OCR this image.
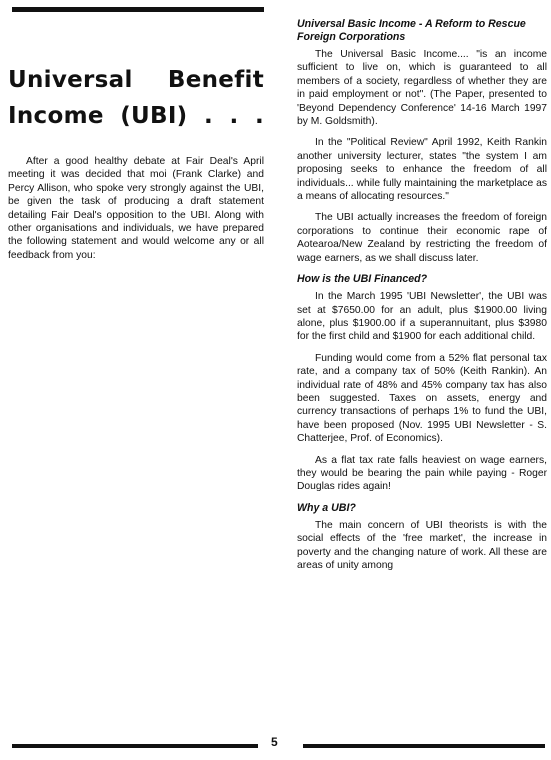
Universal Benefit
Income (UBI) . . .

After a good healthy debate at Fair Deal's April meeting it was decided that moi (Frank Clarke) and Percy Allison, who spoke very strongly against the UBI, be given the task of producing a draft statement detailing Fair Deal's opposition to the UBI. Along with other organisations and individuals, we have prepared the following statement and would welcome any or all feedback from you:

Universal Basic Income - A Reform to Rescue Foreign Corporations

The Universal Basic Income.... "is an income sufficient to live on, which is guaranteed to all members of a society, regardless of whether they are in paid employment or not". (The Paper, presented to 'Beyond Dependency Conference' 14-16 March 1997 by M. Goldsmith).

In the "Political Review" April 1992, Keith Rankin another university lecturer, states "the system I am proposing seeks to enhance the freedom of all individuals... while fully maintaining the marketplace as a means of allocating resources."

The UBI actually increases the freedom of foreign corporations to continue their economic rape of Aotearoa/New Zealand by restricting the freedom of wage earners, as we shall discuss later.

How is the UBI Financed?

In the March 1995 'UBI Newsletter', the UBI was set at $7650.00 for an adult, plus $1900.00 living alone, plus $1900.00 if a superannuitant, plus $3980 for the first child and $1900 for each additional child.

Funding would come from a 52% flat personal tax rate, and a company tax of 50% (Keith Rankin). An individual rate of 48% and 45% company tax has also been suggested. Taxes on assets, energy and currency transactions of perhaps 1% to fund the UBI, have been proposed (Nov. 1995 UBI Newsletter - S. Chatterjee, Prof. of Economics).

As a flat tax rate falls heaviest on wage earners, they would be bearing the pain while paying - Roger Douglas rides again!

Why a UBI?

The main concern of UBI theorists is with the social effects of the 'free market', the increase in poverty and the changing nature of work. All these are areas of unity among

5
